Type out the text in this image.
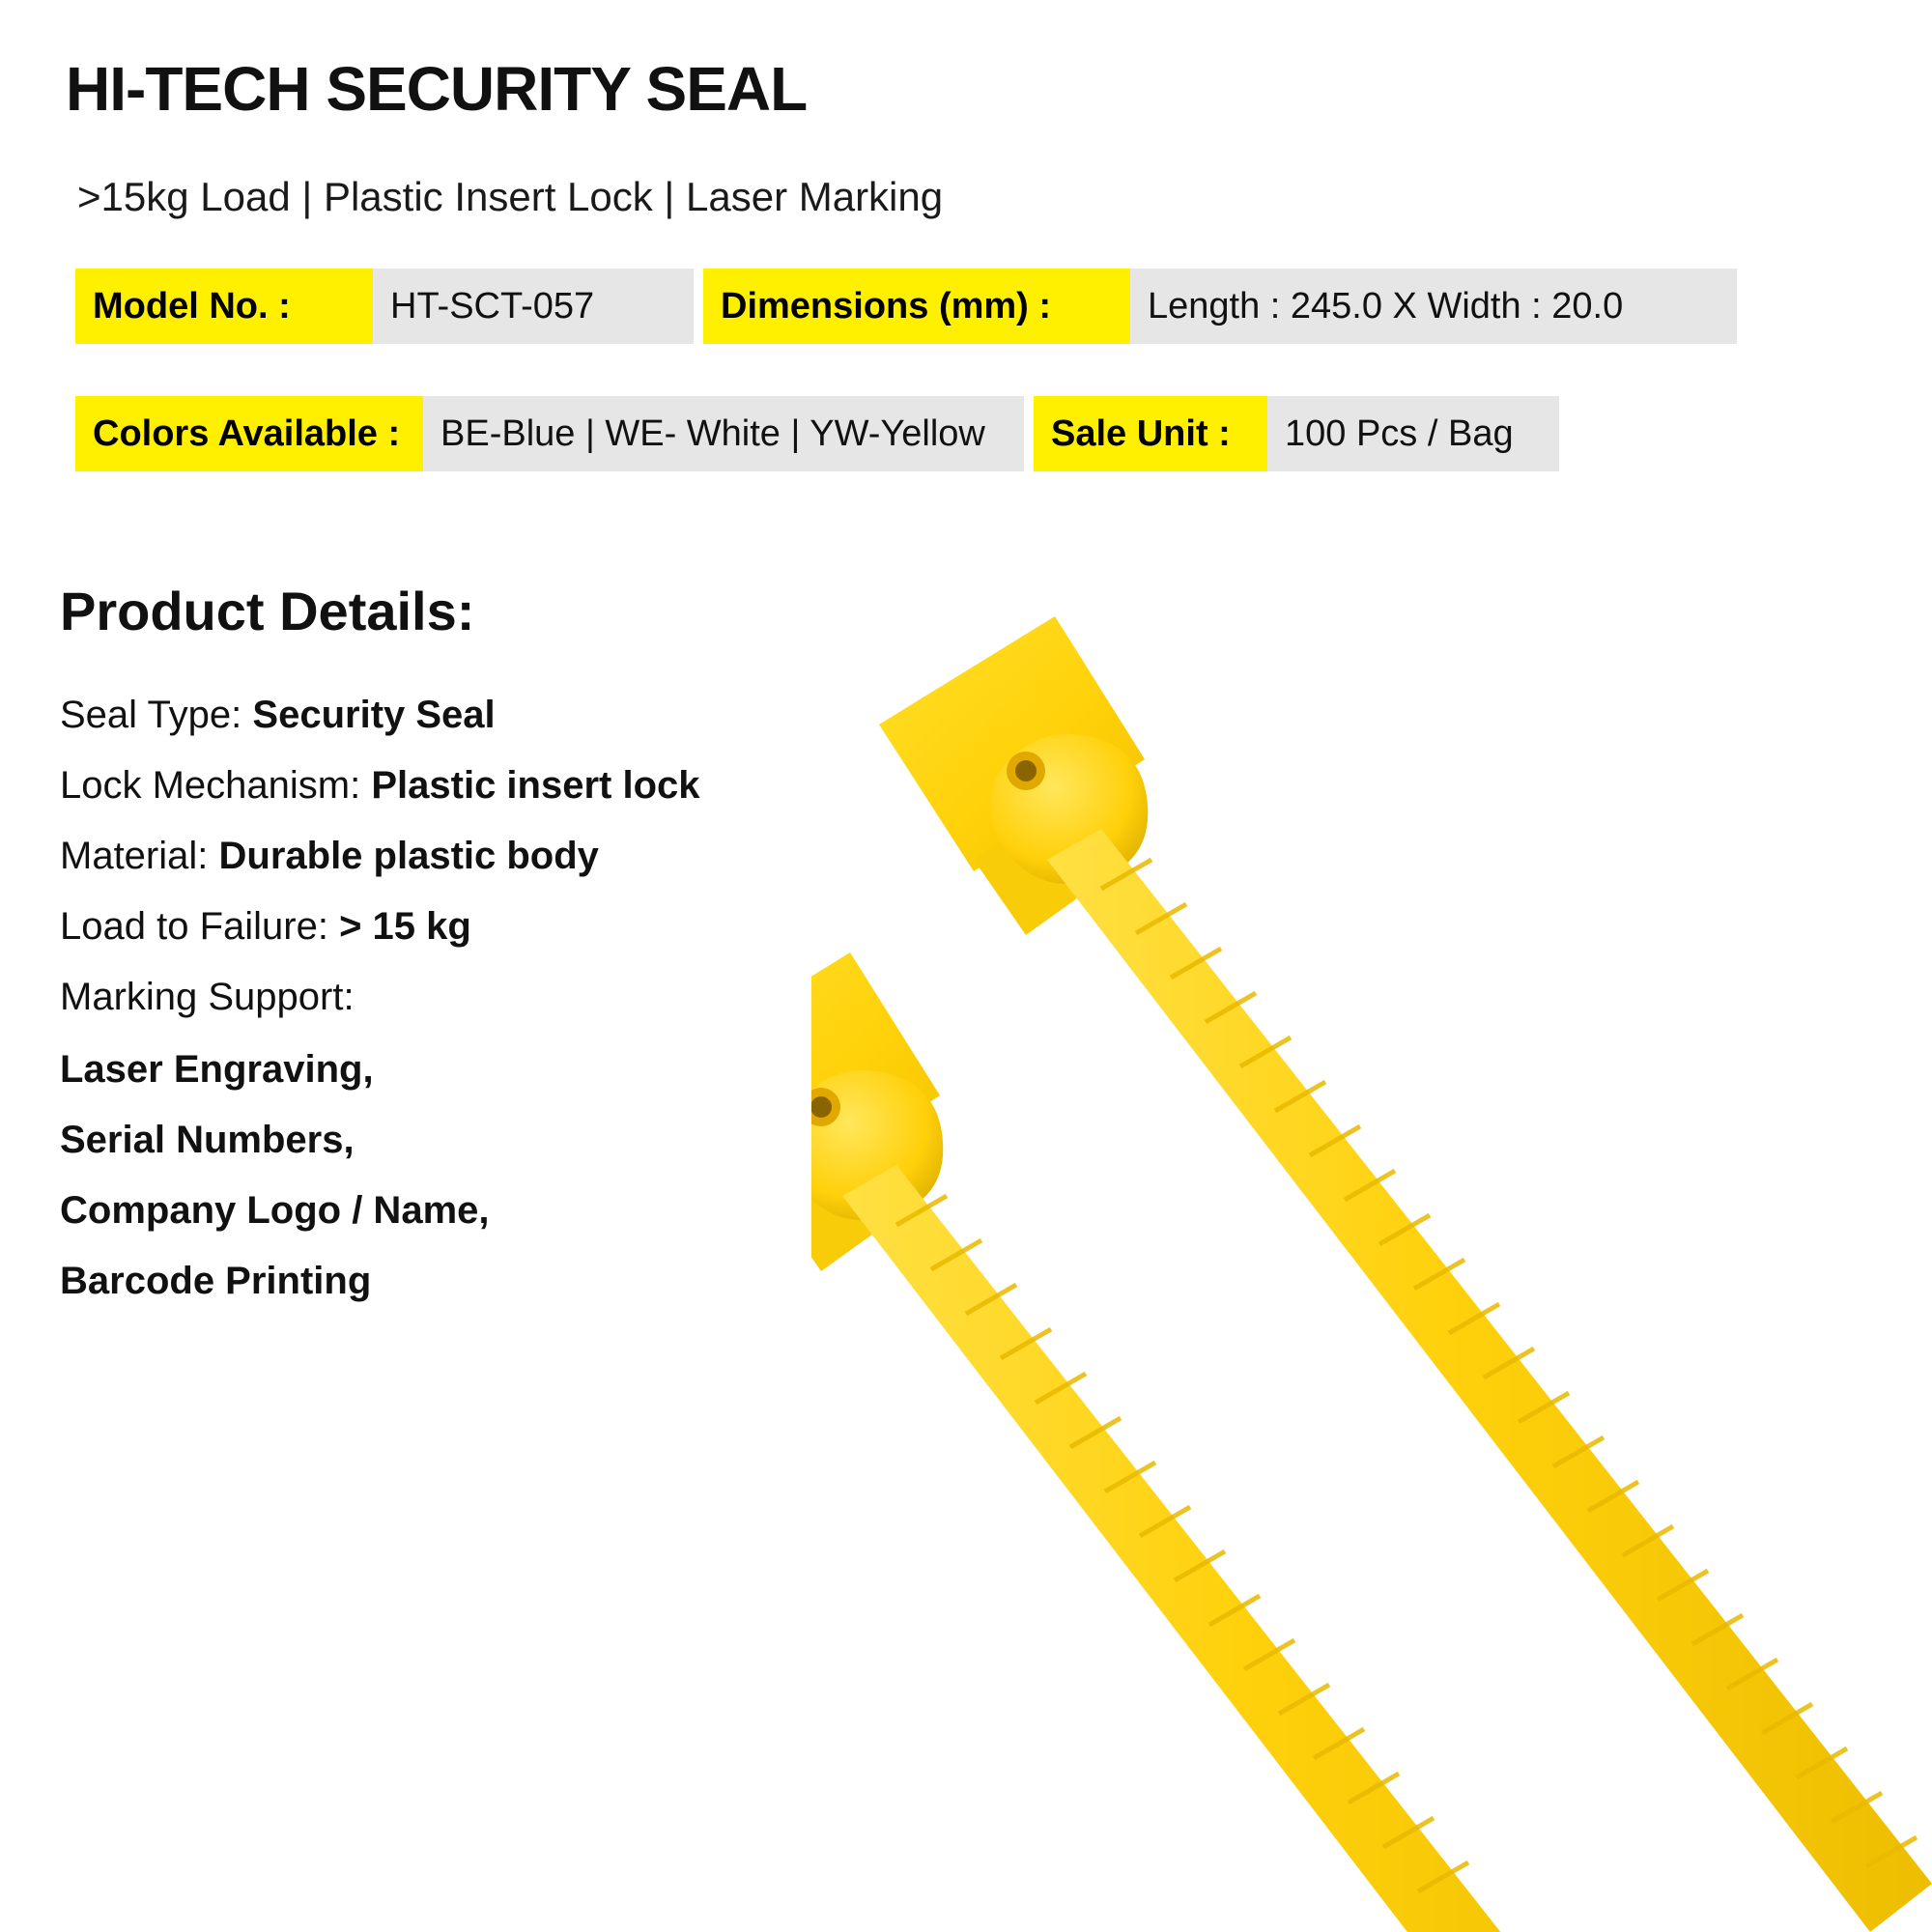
HI-TECH SECURITY SEAL
>15kg Load | Plastic Insert Lock | Laser Marking
Model No. :	HT-SCT-057	Dimensions (mm) :	Length : 245.0 X Width : 20.0
Colors Available :	BE-Blue | WE- White | YW-Yellow	Sale Unit :	100 Pcs / Bag
Product Details:
Seal Type: Security Seal
Lock Mechanism: Plastic insert lock
Material: Durable plastic body
Load to Failure: > 15 kg
Marking Support:
Laser Engraving,
Serial Numbers,
Company Logo / Name,
Barcode Printing
